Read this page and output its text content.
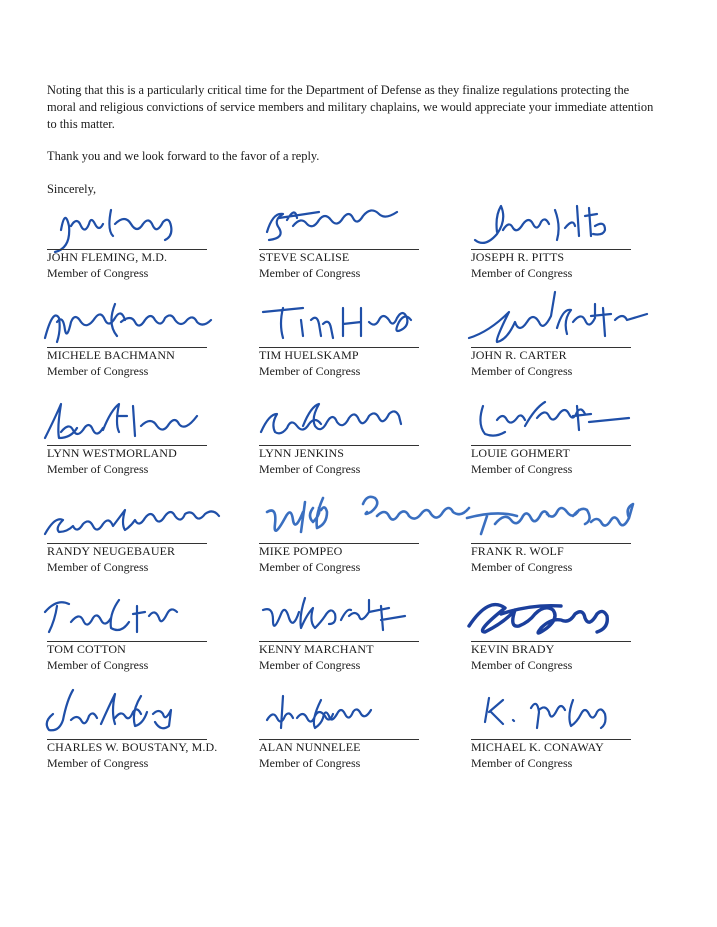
Noting that this is a particularly critical time for the Department of Defense as they finalize regulations protecting the moral and religious convictions of service members and military chaplains, we would appreciate your immediate attention to this matter.

Thank you and we look forward to the favor of a reply.

Sincerely,

JOHN FLEMING, M.D.
Member of Congress
STEVE SCALISE
Member of Congress
JOSEPH R. PITTS
Member of Congress
MICHELE BACHMANN
Member of Congress
TIM HUELSKAMP
Member of Congress
JOHN R. CARTER
Member of Congress
LYNN WESTMORLAND
Member of Congress
LYNN JENKINS
Member of Congress
LOUIE GOHMERT
Member of Congress
RANDY NEUGEBAUER
Member of Congress
MIKE POMPEO
Member of Congress
FRANK R. WOLF
Member of Congress
TOM COTTON
Member of Congress
KENNY MARCHANT
Member of Congress
KEVIN BRADY
Member of Congress
CHARLES W. BOUSTANY, M.D.
Member of Congress
ALAN NUNNELEE
Member of Congress
MICHAEL K. CONAWAY
Member of Congress
